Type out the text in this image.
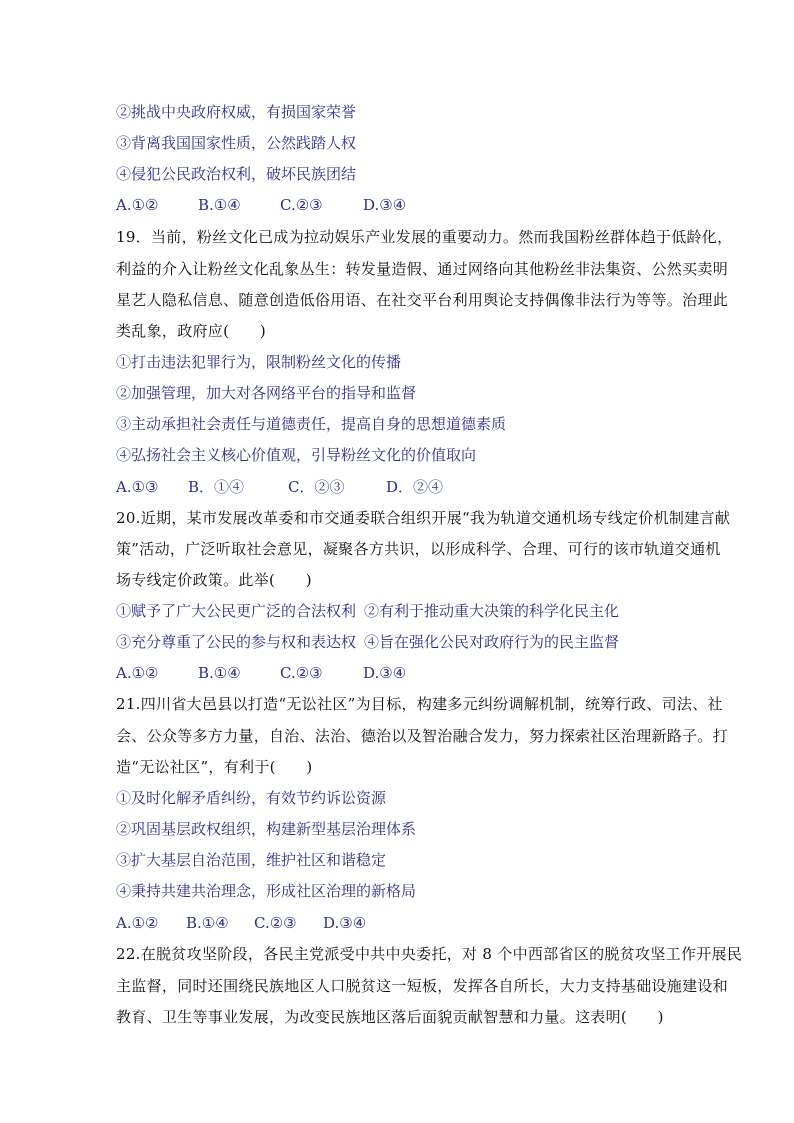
②挑战中央政府权威，有损国家荣誉
③背离我国国家性质，公然践踏人权
④侵犯公民政治权利，破坏民族团结
A.①②	B.①④	C.②③	D.③④
19．当前，粉丝文化已成为拉动娱乐产业发展的重要动力。然而我国粉丝群体趋于低龄化，
利益的介入让粉丝文化乱象丛生：转发量造假、通过网络向其他粉丝非法集资、公然买卖明
星艺人隐私信息、随意创造低俗用语、在社交平台利用舆论支持偶像非法行为等等。治理此
类乱象，政府应(　　)
①打击违法犯罪行为，限制粉丝文化的传播
②加强管理，加大对各网络平台的指导和监督
③主动承担社会责任与道德责任，提高自身的思想道德素质
④弘扬社会主义核心价值观，引导粉丝文化的价值取向
A.①③ B．①④	C．②③	D．②④
20.近期，某市发展改革委和市交通委联合组织开展“我为轨道交通机场专线定价机制建言献
策”活动，广泛听取社会意见，凝聚各方共识，以形成科学、合理、可行的该市轨道交通机
场专线定价政策。此举(　　)
①赋予了广大公民更广泛的合法权利 ②有利于推动重大决策的科学化民主化
③充分尊重了公民的参与权和表达权 ④旨在强化公民对政府行为的民主监督
A.①②	B.①④	C.②③	D.③④
21.四川省大邑县以打造“无讼社区”为目标，构建多元纠纷调解机制，统筹行政、司法、社
会、公众等多方力量，自治、法治、德治以及智治融合发力，努力探索社区治理新路子。打
造“无讼社区”，有利于(　　)
①及时化解矛盾纠纷，有效节约诉讼资源
②巩固基层政权组织，构建新型基层治理体系
③扩大基层自治范围，维护社区和谐稳定
④秉持共建共治理念，形成社区治理的新格局
A.①② B.①④ C.②③ D.③④
22.在脱贫攻坚阶段，各民主党派受中共中央委托，对 8 个中西部省区的脱贫攻坚工作开展民
主监督，同时还围绕民族地区人口脱贫这一短板，发挥各自所长，大力支持基础设施建设和
教育、卫生等事业发展，为改变民族地区落后面貌贡献智慧和力量。这表明(　　)
